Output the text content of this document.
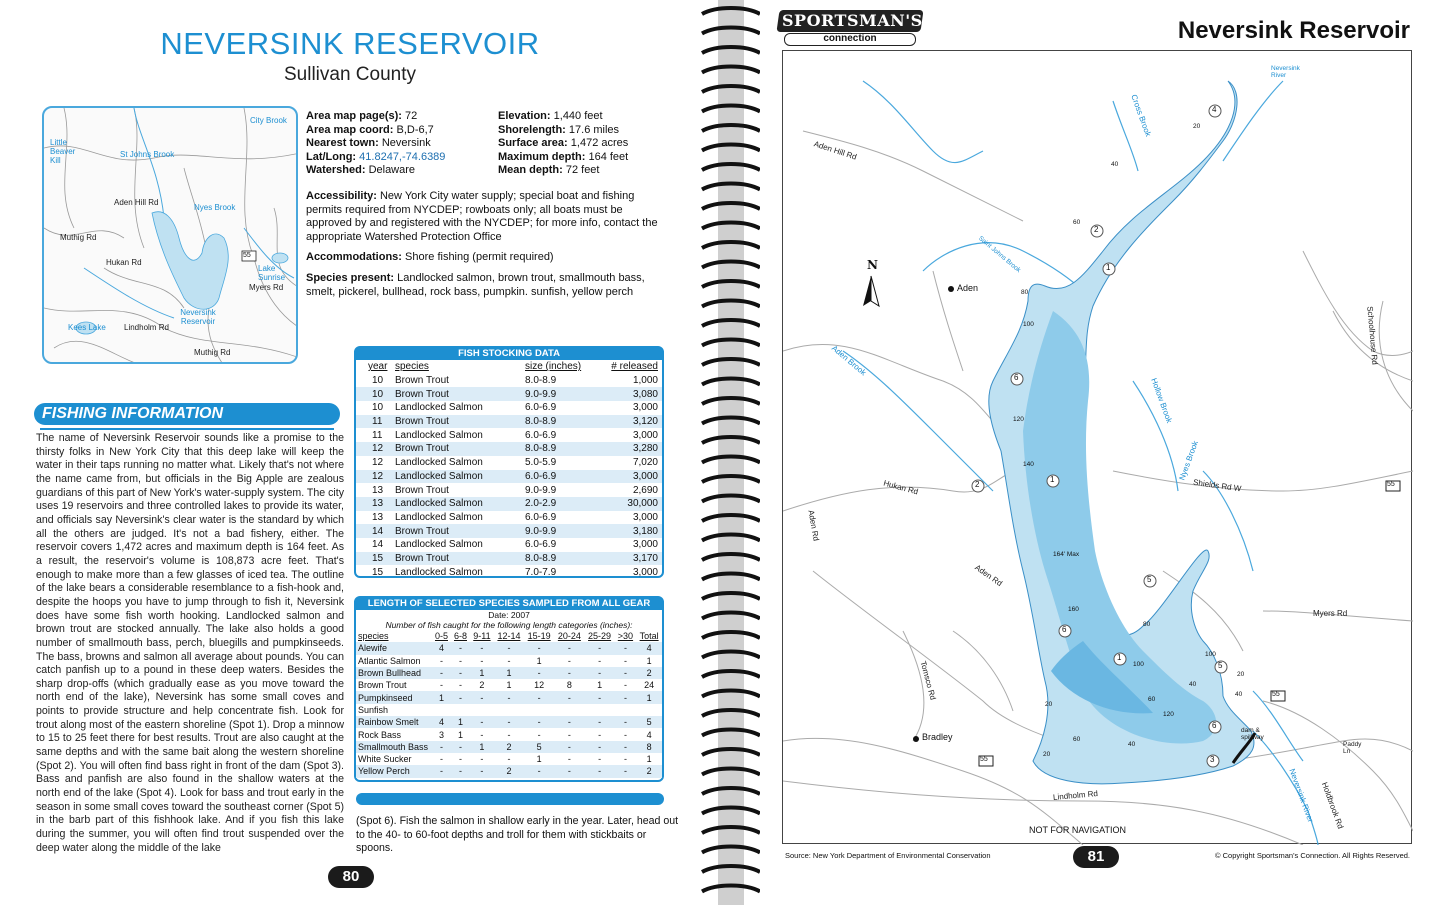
NEVERSINK RESERVOIR
Sullivan County
Neversink Reservoir
Kees Lake
Lake Sunrise
55
Muthig Rd
Hukan Rd
Lindholm Rd
Aden Hill Rd
Myers Rd
Muthig Rd
Little Beaver Kill
St Johns Brook
Nyes Brook
City Brook Area map page(s): 72
Area map coord: B,D-6,7
Nearest town: Neversink
Lat/Long: 41.8247,-74.6389
Watershed: Delaware
Elevation: 1,440 feet
Shorelength: 17.6 miles
Surface area: 1,472 acres
Maximum depth: 164 feet
Mean depth: 72 feet
Accessibility: New York City water supply; special boat and fishing permits required from NYCDEP; rowboats only; all boats must be approved by and registered with the NYCDEP; for more info, contact the appropriate Watershed Protection Office
Accommodations: Shore fishing (permit required)
Species present: Landlocked salmon, brown trout, smallmouth bass, smelt, pickerel, bullhead, rock bass, pumpkin. sunfish, yellow perch
FISHING INFORMATION
The name of Neversink Reservoir sounds like a promise to the thirsty folks in New York City that this deep lake will keep the water in their taps running no matter what. Likely that's not where the name came from, but officials in the Big Apple are zealous guardians of this part of New York's water-supply system. The city uses 19 reservoirs and three controlled lakes to provide its water, and officials say Neversink's clear water is the standard by which all the others are judged. It's not a bad fishery, either. The reservoir covers 1,472 acres and maximum depth is 164 feet. As a result, the reservoir's volume is 108,873 acre feet. That's enough to make more than a few glasses of iced tea. The outline of the lake bears a considerable resemblance to a fish-hook and, despite the hoops you have to jump through to fish it, Neversink does have some fish worth hooking. Landlocked salmon and brown trout are stocked annually. The lake also holds a good number of smallmouth bass, perch, bluegills and pumpkinseeds. The bass, browns and salmon all average about pounds. You can catch panfish up to a pound in these deep waters. Besides the sharp drop-offs (which gradually ease as you move toward the north end of the lake), Neversink has some small coves and points to provide structure and help concentrate fish. Look for trout along most of the eastern shoreline (Spot 1). Drop a minnow to 15 to 25 feet there for best results. Trout are also caught at the same depths and with the same bait along the western shoreline (Spot 2). You will often find bass right in front of the dam (Spot 3). Bass and panfish are also found in the shallow waters at the north end of the lake (Spot 4). Look for bass and trout early in the season in some small coves toward the southeast corner (Spot 5) in the barb part of this fishhook lake. And if you fish this lake during the summer, you will often find trout suspended over the deep water along the middle of the lake
FISH STOCKING DATA
year	species	size (inches)	# released
10	Brown Trout	8.0-8.9	1,000
10	Brown Trout	9.0-9.9	3,080
10	Landlocked Salmon	6.0-6.9	3,000
11	Brown Trout	8.0-8.9	3,120
11	Landlocked Salmon	6.0-6.9	3,000
12	Brown Trout	8.0-8.9	3,280
12	Landlocked Salmon	5.0-5.9	7,020
12	Landlocked Salmon	6.0-6.9	3,000
13	Brown Trout	9.0-9.9	2,690
13	Landlocked Salmon	2.0-2.9	30,000
13	Landlocked Salmon	6.0-6.9	3,000
14	Brown Trout	9.0-9.9	3,180
14	Landlocked Salmon	6.0-6.9	3,000
15	Brown Trout	8.0-8.9	3,170
15	Landlocked Salmon	7.0-7.9	3,000
LENGTH OF SELECTED SPECIES SAMPLED FROM ALL GEAR
Date: 2007
Number of fish caught for the following length categories (inches):
species	0-5	6-8	9-11	12-14	15-19	20-24	25-29	>30	Total
Alewife	4	-	-	-	-	-	-	-	4
Atlantic Salmon	-	-	-	-	1	-	-	-	1
Brown Bullhead	-	-	1	1	-	-	-	-	2
Brown Trout	-	-	2	1	12	8	1	-	24
Pumpkinseed	1	-	-	-	-	-	-	-	1
Sunfish									
Rainbow Smelt	4	1	-	-	-	-	-	-	5
Rock Bass	3	1	-	-	-	-	-	-	4
Smallmouth Bass	-	-	1	2	5	-	-	-	8
White Sucker	-	-	-	-	1	-	-	-	1
Yellow Perch	-	-	-	2	-	-	-	-	2
(Spot 6). Fish the salmon in shallow early in the year. Later, head out to the 40- to 60-foot depths and troll for them with stickbaits or spoons.
80
SPORTSMAN'S
connection	Neversink Reservoir
N
Aden
Bradley
55
55
55
Aden Hill Rd
Hukan Rd
Aden Rd
Aden Rd
Shields Rd W
Myers Rd
Lindholm Rd
Tomsco Rd
Holdbrook Rd
Paddy Ln
Schoolhouse Rd
Neversink River
Cross Brook
Saint Johns Brook
Aden Brook
Hollow Brook
Nyes Brook
Neversink River
dam & spillway
20
40
60
80
100
120
140
164' Max
160
120
100
80
60
40
20
20
40
100
20
40
60
NOT FOR NAVIGATION
1
2
3
4
5
6
1
2
5
6
6
1
Source: New York Department of Environmental Conservation	© Copyright Sportsman's Connection. All Rights Reserved.
81
